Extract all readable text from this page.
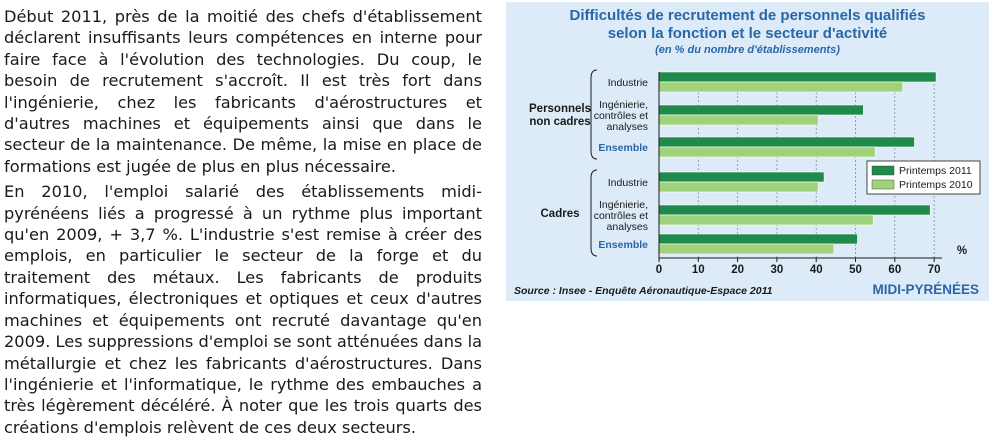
Début 2011, près de la moitié des chefs d'établissement déclarent insuffisants leurs compétences en interne pour faire face à l'évolution des technologies. Du coup, le besoin de recrutement s'accroît. Il est très fort dans l'ingénierie, chez les fabricants d'aérostructures et d'autres machines et équipements ainsi que dans le secteur de la maintenance. De même, la mise en place de formations est jugée de plus en plus nécessaire.

En 2010, l'emploi salarié des établissements midi-pyrénéens liés a progressé à un rythme plus important qu'en 2009, + 3,7 %. L'industrie s'est remise à créer des emplois, en particulier le secteur de la forge et du traitement des métaux. Les fabricants de produits informatiques, électroniques et optiques et ceux d'autres machines et équipements ont recruté davantage qu'en 2009. Les suppressions d'emploi se sont atténuées dans la métallurgie et chez les fabricants d'aérostructures. Dans l'ingénierie et l'informatique, le rythme des embauches a très légèrement décéléré. À noter que les trois quarts des créations d'emplois relèvent de ces deux secteurs.

Difficultés de recrutement de personnels qualifiés
selon la fonction et le secteur d'activité
(en % du nombre d'établissements)
Industrie
Ingénierie,
contrôles et
analyses
Ensemble
Personnels
non cadres
Industrie
Ingénierie,
contrôles et
analyses
Ensemble
Cadres
0	10 20 30 40 50 60 70
%
Printemps 2011
Printemps 2010
Source : Insee - Enquête Aéronautique-Espace 2011	MIDI-PYRÉNÉES
